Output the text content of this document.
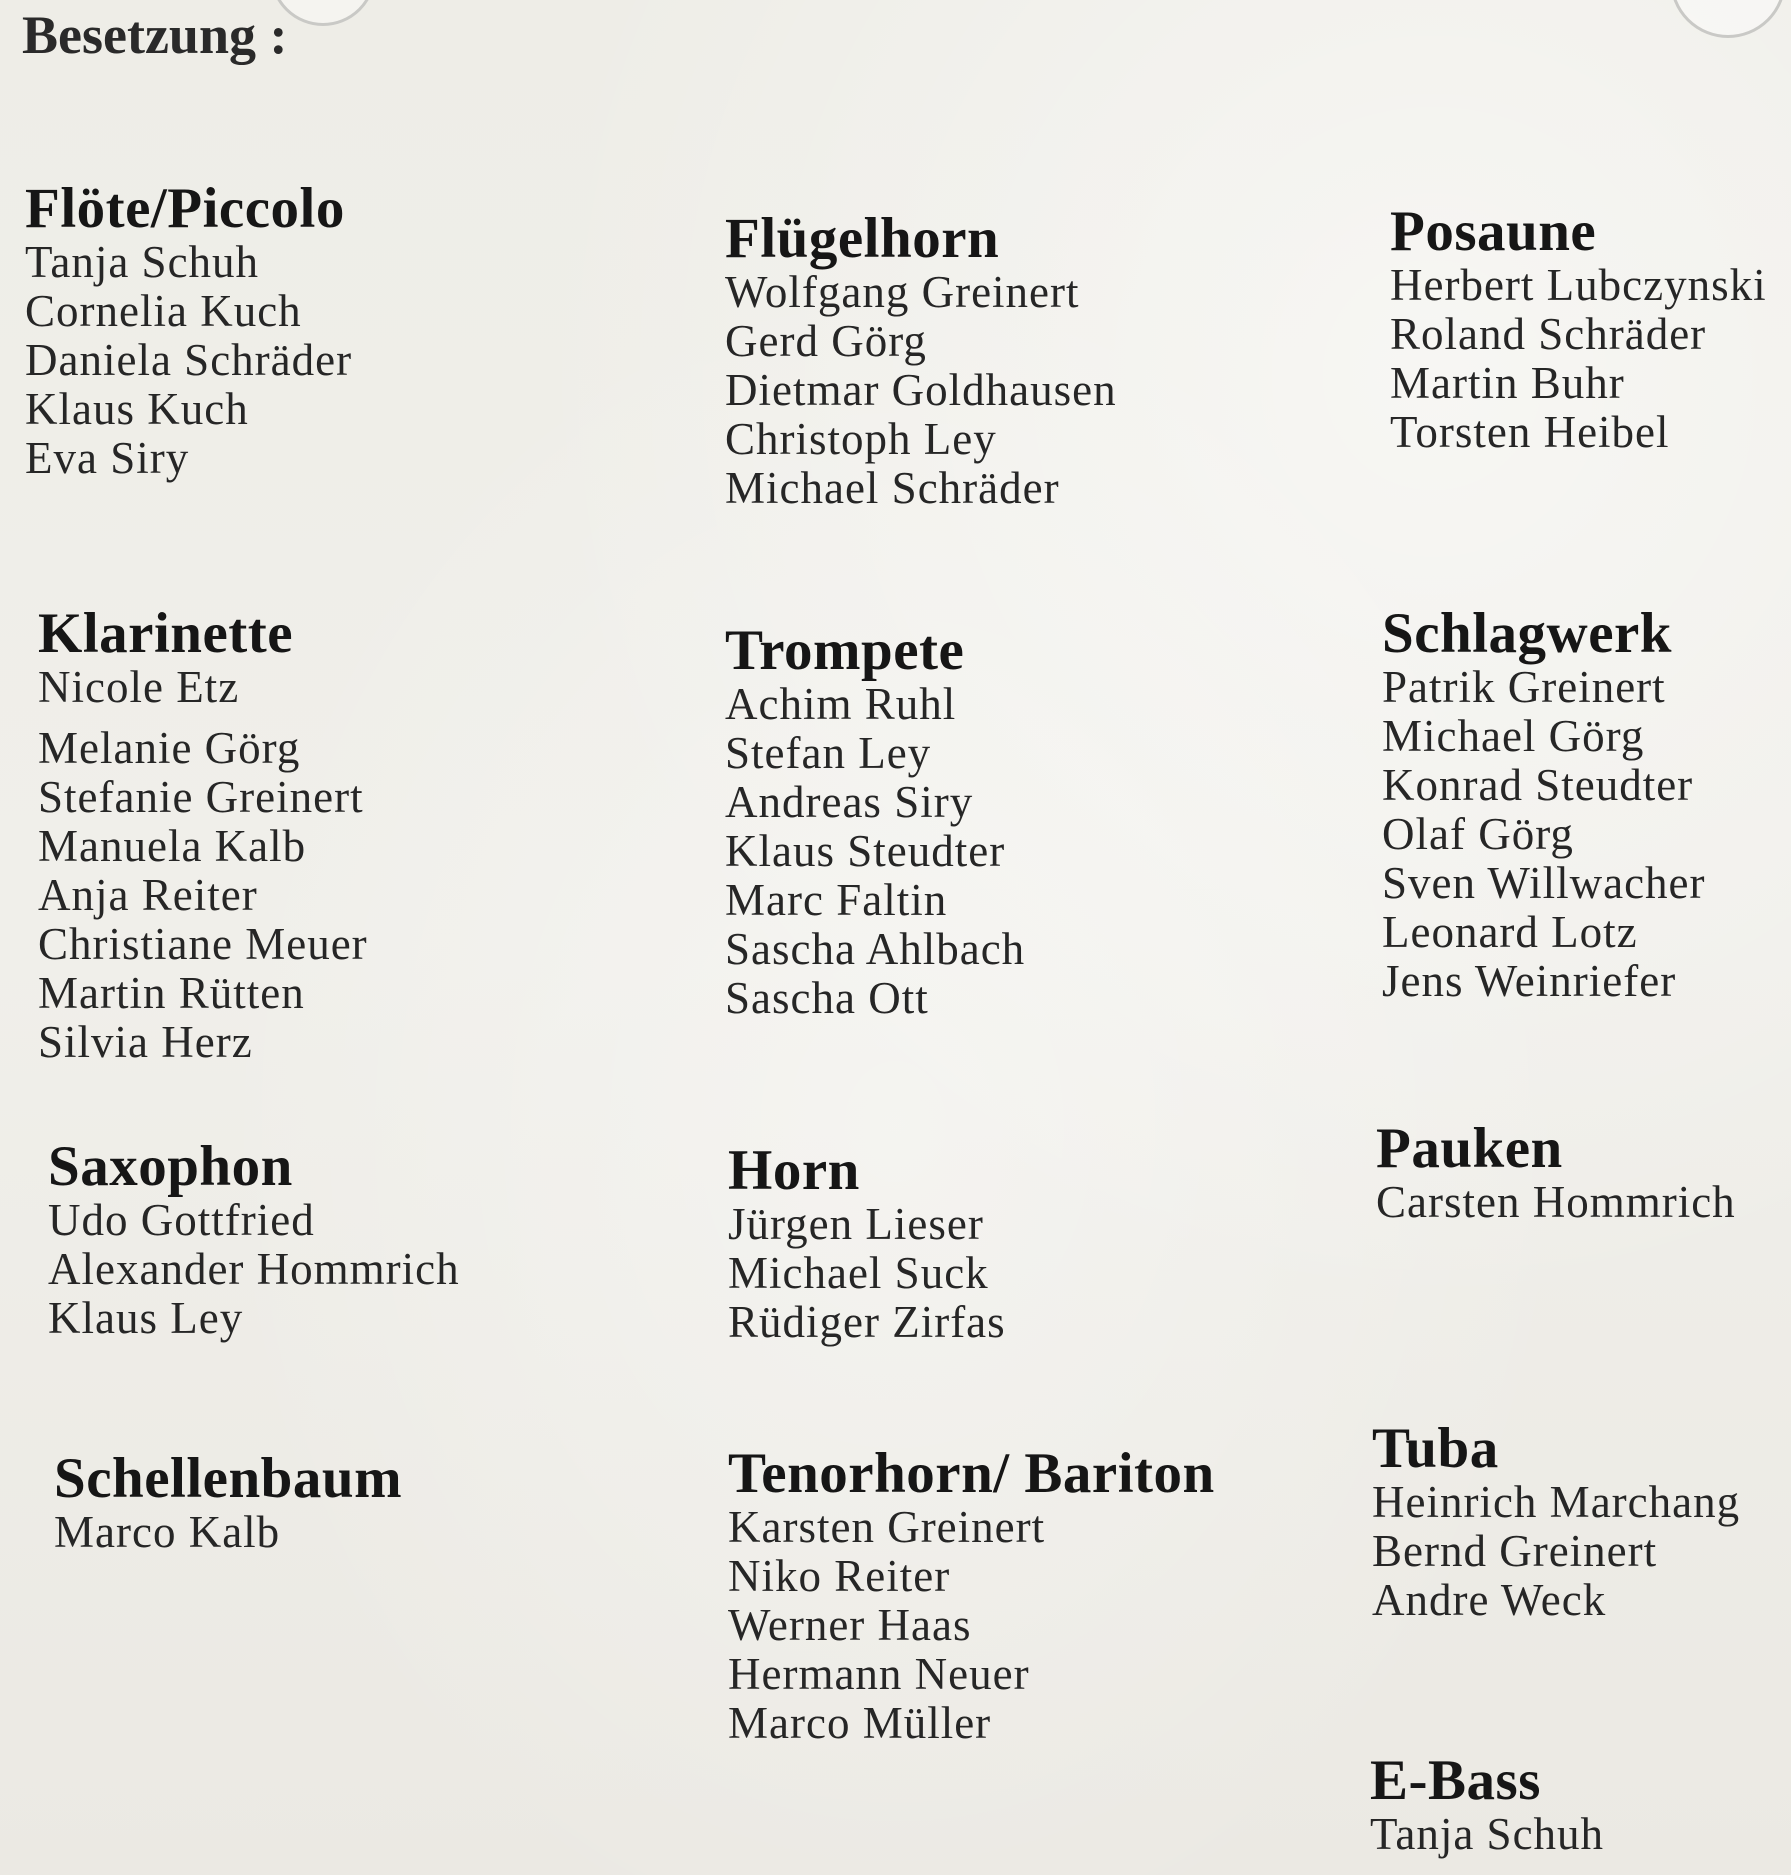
Besetzung :
Flöte/Piccolo
Tanja Schuh
Cornelia Kuch
Daniela Schräder
Klaus Kuch
Eva Siry
Klarinette
Nicole Etz
Melanie Görg
Stefanie Greinert
Manuela Kalb
Anja Reiter
Christiane Meuer
Martin Rütten
Silvia Herz
Saxophon
Udo Gottfried
Alexander Hommrich
Klaus Ley
Schellenbaum
Marco Kalb
Flügelhorn
Wolfgang Greinert
Gerd Görg
Dietmar Goldhausen
Christoph Ley
Michael Schräder
Trompete
Achim Ruhl
Stefan Ley
Andreas Siry
Klaus Steudter
Marc Faltin
Sascha Ahlbach
Sascha Ott
Horn
Jürgen Lieser
Michael Suck
Rüdiger Zirfas
Tenorhorn/ Bariton
Karsten Greinert
Niko Reiter
Werner Haas
Hermann Neuer
Marco Müller
Posaune
Herbert Lubczynski
Roland Schräder
Martin Buhr
Torsten Heibel
Schlagwerk
Patrik Greinert
Michael Görg
Konrad Steudter
Olaf Görg
Sven Willwacher
Leonard Lotz
Jens Weinriefer
Pauken
Carsten Hommrich
Tuba
Heinrich Marchang
Bernd Greinert
Andre Weck
E-Bass
Tanja Schuh
